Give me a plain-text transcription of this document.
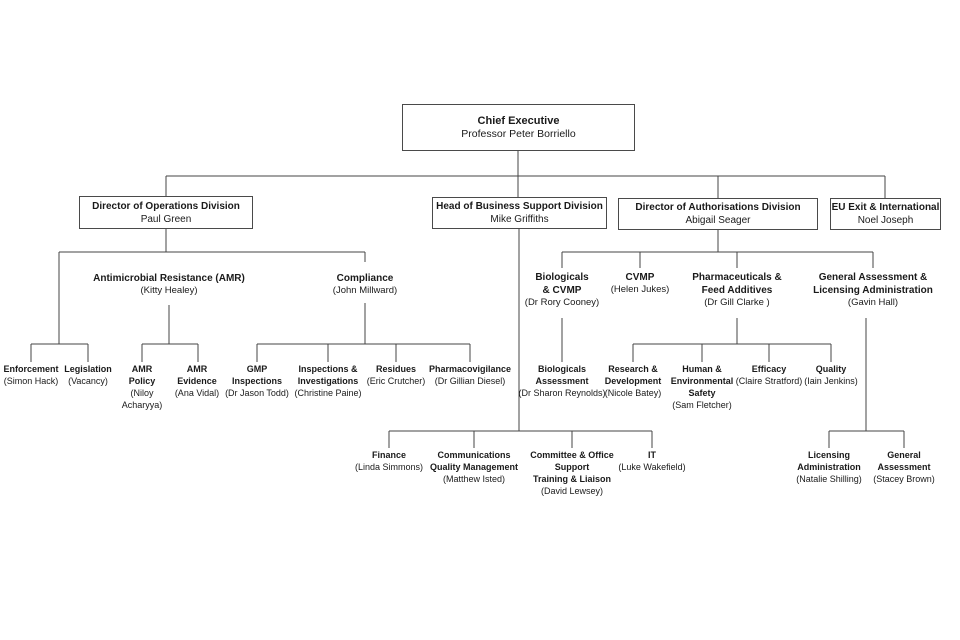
Chief Executive
Professor Peter Borriello
Director of Operations Division
Paul Green
Head of Business Support Division
Mike Griffiths
Director of Authorisations Division
Abigail Seager
EU Exit & International
Noel Joseph
Antimicrobial Resistance (AMR)
(Kitty Healey)
Compliance
(John Millward)
Biologicals & CVMP
(Dr Rory Cooney)
CVMP
(Helen Jukes)
Pharmaceuticals & Feed Additives
(Dr Gill Clarke )
General Assessment & Licensing Administration
(Gavin Hall)
Enforcement
(Simon Hack)
Legislation
(Vacancy)
AMR Policy
(Niloy Acharyya)
AMR Evidence
(Ana Vidal)
GMP Inspections
(Dr Jason Todd)
Inspections & Investigations
(Christine Paine)
Residues
(Eric Crutcher)
Pharmacovigilance
(Dr Gillian Diesel)
Biologicals Assessment
(Dr Sharon Reynolds)
Research & Development
(Nicole Batey)
Human & Environmental Safety
(Sam Fletcher)
Efficacy
(Claire Stratford)
Quality
(Iain Jenkins)
Finance
(Linda Simmons)
Communications Quality Management
(Matthew Isted)
Committee & Office
Support
Training & Liaison
(David Lewsey)
IT
(Luke Wakefield)
Licensing Administration
(Natalie Shilling)
General Assessment
(Stacey Brown)
